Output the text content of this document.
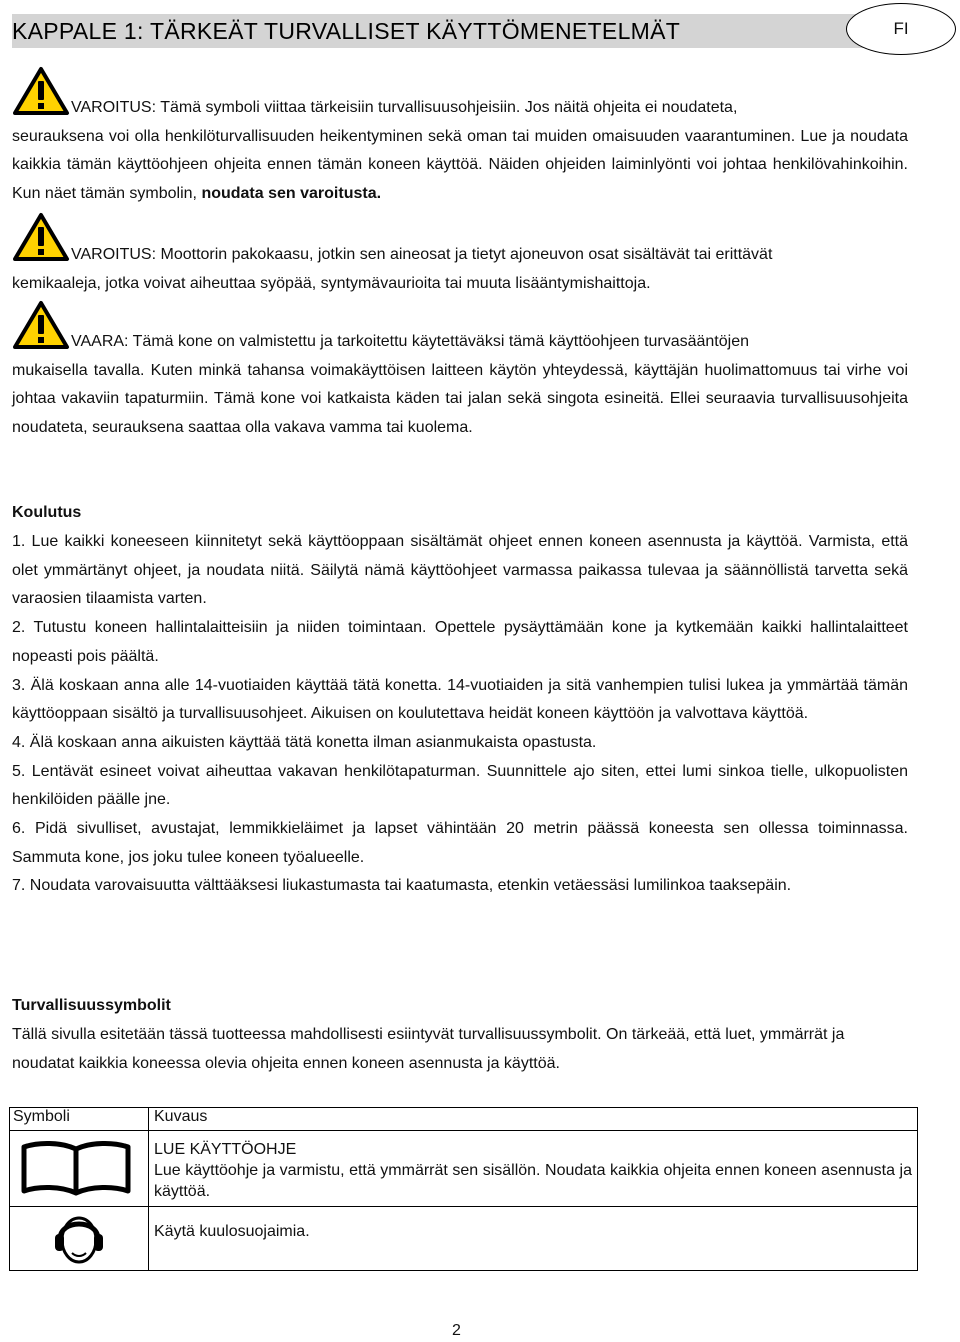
KAPPALE 1: TÄRKEÄT TURVALLISET KÄYTTÖMENETELMÄT	FI

VAROITUS: Tämä symboli viittaa tärkeisiin turvallisuusohjeisiin. Jos näitä ohjeita ei noudateta,

seurauksena voi olla henkilöturvallisuuden heikentyminen sekä oman tai muiden omaisuuden vaarantuminen. Lue ja noudata kaikkia tämän käyttöohjeen ohjeita ennen tämän koneen käyttöä. Näiden ohjeiden laiminlyönti voi johtaa henkilövahinkoihin. Kun näet tämän symbolin, noudata sen varoitusta.

VAROITUS: Moottorin pakokaasu, jotkin sen aineosat ja tietyt ajoneuvon osat sisältävät tai erittävät

kemikaaleja, jotka voivat aiheuttaa syöpää, syntymävaurioita tai muuta lisääntymishaittoja.

VAARA: Tämä kone on valmistettu ja tarkoitettu käytettäväksi tämä käyttöohjeen turvasääntöjen

mukaisella tavalla. Kuten minkä tahansa voimakäyttöisen laitteen käytön yhteydessä, käyttäjän huolimattomuus tai virhe voi johtaa vakaviin tapaturmiin. Tämä kone voi katkaista käden tai jalan sekä singota esineitä. Ellei seuraavia turvallisuusohjeita noudateta, seurauksena saattaa olla vakava vamma tai kuolema.

Koulutus

1. Lue kaikki koneeseen kiinnitetyt sekä käyttöoppaan sisältämät ohjeet ennen koneen asennusta ja käyttöä. Varmista, että olet ymmärtänyt ohjeet, ja noudata niitä. Säilytä nämä käyttöohjeet varmassa paikassa tulevaa ja säännöllistä tarvetta sekä varaosien tilaamista varten.

2. Tutustu koneen hallintalaitteisiin ja niiden toimintaan. Opettele pysäyttämään kone ja kytkemään kaikki hallintalaitteet nopeasti pois päältä.

3. Älä koskaan anna alle 14-vuotiaiden käyttää tätä konetta. 14-vuotiaiden ja sitä vanhempien tulisi lukea ja ymmärtää tämän käyttöoppaan sisältö ja turvallisuusohjeet. Aikuisen on koulutettava heidät koneen käyttöön ja valvottava käyttöä.

4. Älä koskaan anna aikuisten käyttää tätä konetta ilman asianmukaista opastusta.

5. Lentävät esineet voivat aiheuttaa vakavan henkilötapaturman. Suunnittele ajo siten, ettei lumi sinkoa tielle, ulkopuolisten henkilöiden päälle jne.

6. Pidä sivulliset, avustajat, lemmikkieläimet ja lapset vähintään 20 metrin päässä koneesta sen ollessa toiminnassa. Sammuta kone, jos joku tulee koneen työalueelle.

7. Noudata varovaisuutta välttääksesi liukastumasta tai kaatumasta, etenkin vetäessäsi lumilinkoa taaksepäin.

Turvallisuussymbolit

Tällä sivulla esitetään tässä tuotteessa mahdollisesti esiintyvät turvallisuussymbolit. On tärkeää, että luet, ymmärrät ja noudatat kaikkia koneessa olevia ohjeita ennen koneen asennusta ja käyttöä.

Symboli	Kuvaus

LUE KÄYTTÖOHJE
Lue käyttöohje ja varmistu, että ymmärrät sen sisällön. Noudata kaikkia ohjeita ennen koneen asennusta ja käyttöä.

Käytä kuulosuojaimia.
2
